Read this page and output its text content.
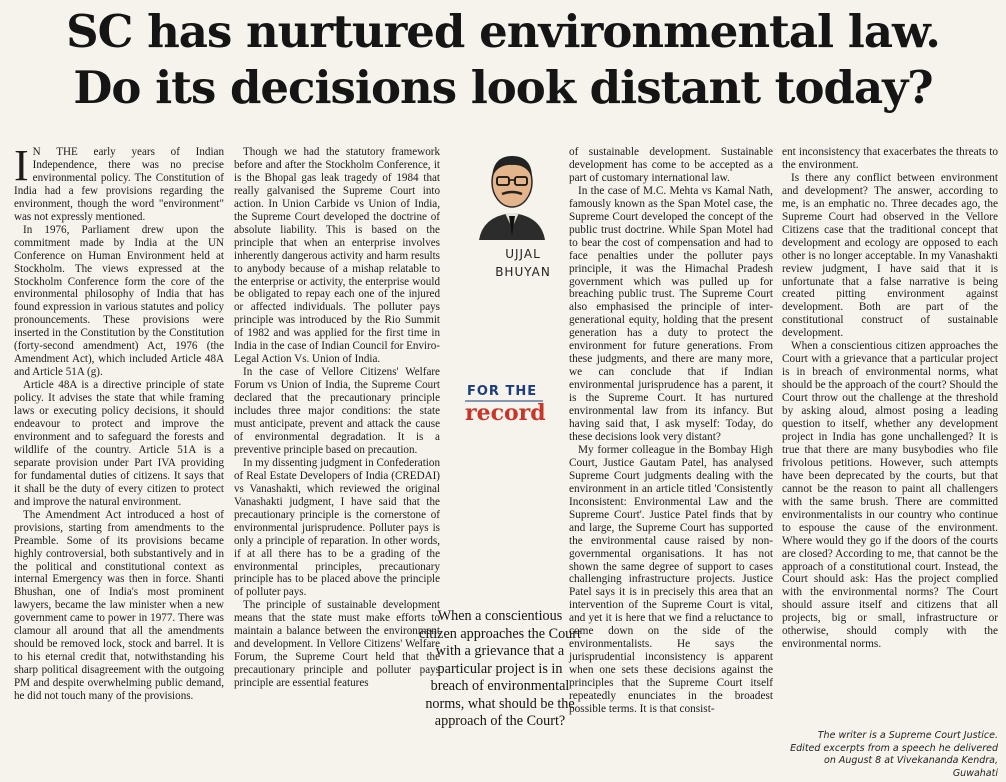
SC has nurtured environmental law.
Do its decisions look distant today?

I N THE early years of Indian Independence, there was no precise environmental policy. The Constitution of India had a few provisions regarding the environment, though the word "environment" was not expressly mentioned.

In 1976, Parliament drew upon the commitment made by India at the UN Conference on Human Environment held at Stockholm. The views expressed at the Stockholm Conference form the core of the environmental philosophy of India that has found expression in various statutes and policy pronouncements. These provisions were inserted in the Constitution by the Constitution (forty-second amendment) Act, 1976 (the Amendment Act), which included Article 48A and Article 51A (g).

Article 48A is a directive principle of state policy. It advises the state that while framing laws or executing policy decisions, it should endeavour to protect and improve the environment and to safeguard the forests and wildlife of the country. Article 51A is a separate provision under Part IVA providing for fundamental duties of citizens. It says that it shall be the duty of every citizen to protect and improve the natural environment.

The Amendment Act introduced a host of provisions, starting from amendments to the Preamble. Some of its provisions became highly controversial, both substantively and in the political and constitutional context as internal Emergency was then in force. Shanti Bhushan, one of India's most prominent lawyers, became the law minister when a new government came to power in 1977. There was clamour all around that all the amendments should be removed lock, stock and barrel. It is to his eternal credit that, notwithstanding his sharp political disagreement with the outgoing PM and despite overwhelming public demand, he did not touch many of the provisions.

Though we had the statutory framework before and after the Stockholm Conference, it is the Bhopal gas leak tragedy of 1984 that really galvanised the Supreme Court into action. In Union Carbide vs Union of India, the Supreme Court developed the doctrine of absolute liability. This is based on the principle that when an enterprise involves inherently dangerous activity and harm results to anybody because of a mishap relatable to the enterprise or activity, the enterprise would be obligated to repay each one of the injured or affected individuals. The polluter pays principle was introduced by the Rio Summit of 1982 and was applied for the first time in India in the case of Indian Council for Enviro-Legal Action Vs. Union of India.

In the case of Vellore Citizens' Welfare Forum vs Union of India, the Supreme Court declared that the precautionary principle includes three major conditions: the state must anticipate, prevent and attack the cause of environmental degradation. It is a preventive principle based on precaution.

In my dissenting judgment in Confederation of Real Estate Developers of India (CREDAI) vs Vanashakti, which reviewed the original Vanashakti judgment, I have said that the precautionary principle is the cornerstone of environmental jurisprudence. Polluter pays is only a principle of reparation. In other words, if at all there has to be a grading of the environmental principles, precautionary principle has to be placed above the principle of polluter pays.

The principle of sustainable development means that the state must make efforts to maintain a balance between the environment and development. In Vellore Citizens' Welfare Forum, the Supreme Court held that the precautionary principle and polluter pays principle are essential features

UJJAL
BHUYAN
FOR THE
record
When a conscientious citizen approaches the Court with a grievance that a particular project is in breach of environmental norms, what should be the approach of the Court?

ent inconsistency that exacerbates the threats to the environment.

Is there any conflict between environment and development? The answer, according to me, is an emphatic no. Three decades ago, the Supreme Court had observed in the Vellore Citizens case that the traditional concept that development and ecology are opposed to each other is no longer acceptable. In my Vanashakti review judgment, I have said that it is unfortunate that a false narrative is being created pitting environment against development. Both are part of the constitutional construct of sustainable development.

When a conscientious citizen approaches the Court with a grievance that a particular project is in breach of environmental norms, what should be the approach of the court? Should the Court throw out the challenge at the threshold by asking aloud, almost posing a leading question to itself, whether any development project in India has gone unchallenged? It is true that there are many busybodies who file frivolous petitions. However, such attempts have been deprecated by the courts, but that cannot be the reason to paint all challengers with the same brush. There are committed environmentalists in our country who continue to espouse the cause of the environment. Where would they go if the doors of the courts are closed? According to me, that cannot be the approach of a constitutional court. Instead, the Court should ask: Has the project complied with the environmental norms? The Court should assure itself and citizens that all projects, big or small, infrastructure or otherwise, should comply with the environmental norms.

The writer is a Supreme Court Justice.
Edited excerpts from a speech he delivered
on August 8 at Vivekananda Kendra, Guwahati

of sustainable development. Sustainable development has come to be accepted as a part of customary international law.

In the case of M.C. Mehta vs Kamal Nath, famously known as the Span Motel case, the Supreme Court developed the concept of the public trust doctrine. While Span Motel had to bear the cost of compensation and had to face penalties under the polluter pays principle, it was the Himachal Pradesh government which was pulled up for breaching public trust. The Supreme Court also emphasised the principle of inter-generational equity, holding that the present generation has a duty to protect the environment for future generations. From these judgments, and there are many more, we can conclude that if Indian environmental jurisprudence has a parent, it is the Supreme Court. It has nurtured environmental law from its infancy. But having said that, I ask myself: Today, do these decisions look very distant?

My former colleague in the Bombay High Court, Justice Gautam Patel, has analysed Supreme Court judgments dealing with the environment in an article titled 'Consistently Inconsistent: Environmental Law and the Supreme Court'. Justice Patel finds that by and large, the Supreme Court has supported the environmental cause raised by non-governmental organisations. It has not shown the same degree of support to cases challenging infrastructure projects. Justice Patel says it is in precisely this area that an intervention of the Supreme Court is vital, and yet it is here that we find a reluctance to come down on the side of the environmentalists. He says the jurisprudential inconsistency is apparent when one sets these decisions against the principles that the Supreme Court itself repeatedly enunciates in the broadest possible terms. It is that consist-
